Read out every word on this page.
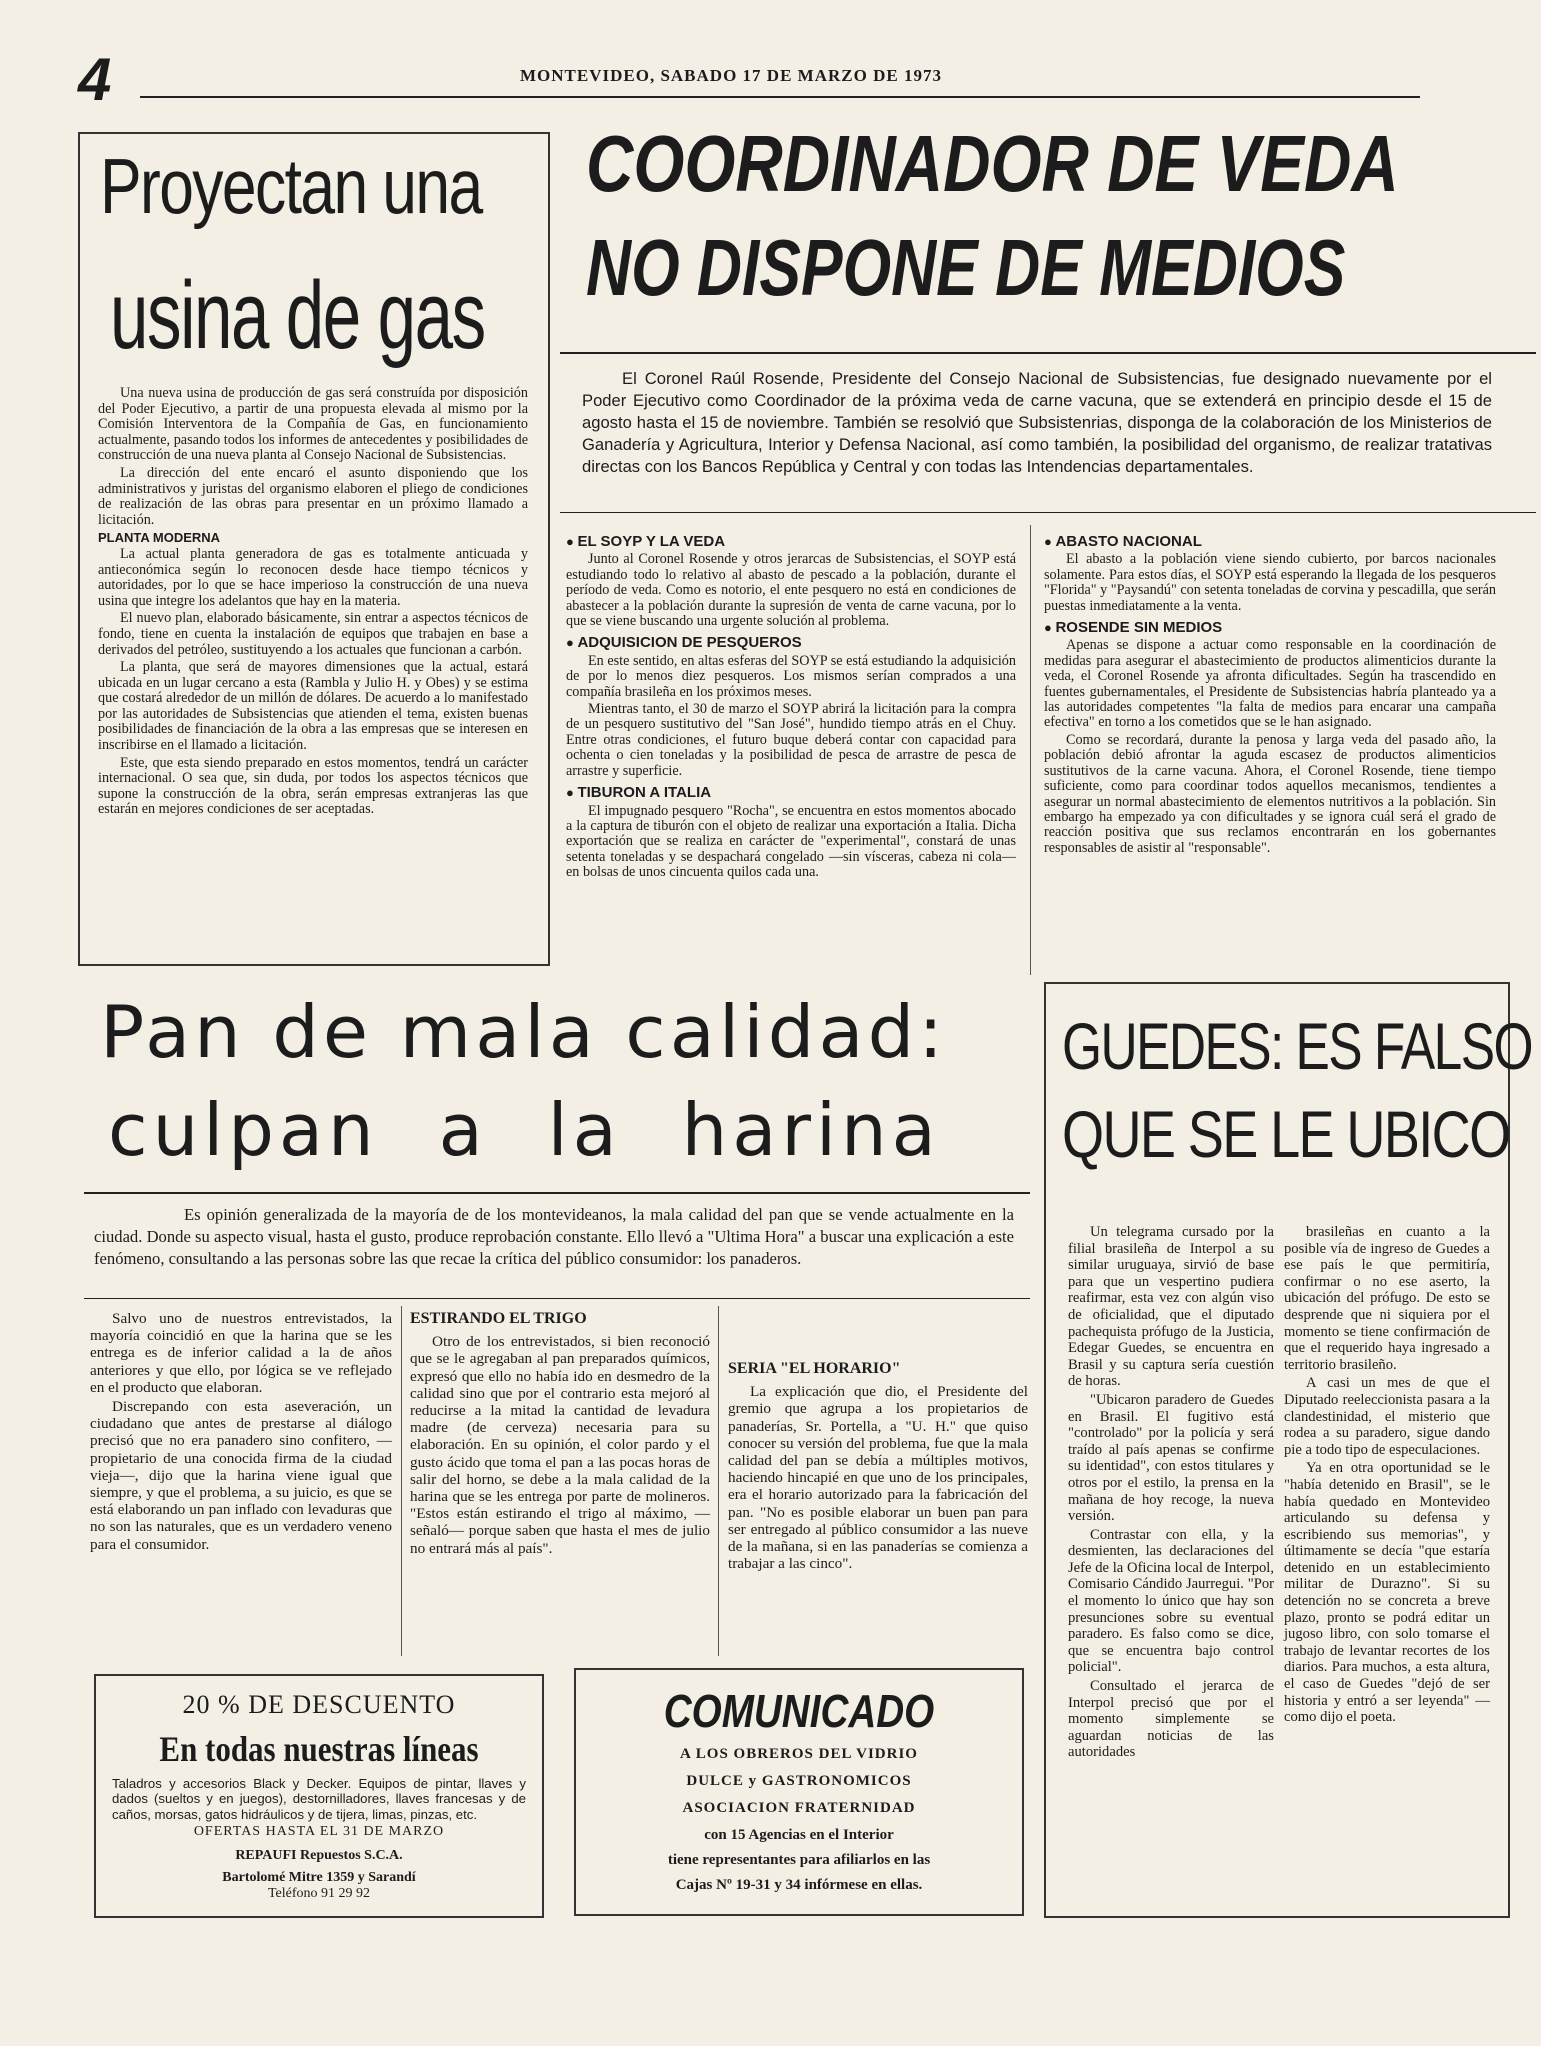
4	MONTEVIDEO, SABADO 17 DE MARZO DE 1973
Proyectan una
usina de gas

Una nueva usina de producción de gas será construída por disposición del Poder Ejecutivo, a partir de una propuesta elevada al mismo por la Comisión Interventora de la Compañía de Gas, en funcionamiento actualmente, pasando todos los informes de antecedentes y posibilidades de construcción de una nueva planta al Consejo Nacional de Subsistencias.

La dirección del ente encaró el asunto disponiendo que los administrativos y juristas del organismo elaboren el pliego de condiciones de realización de las obras para presentar en un próximo llamado a licitación.

PLANTA MODERNA

La actual planta generadora de gas es totalmente anticuada y antieconómica según lo reconocen desde hace tiempo técnicos y autoridades, por lo que se hace imperioso la construcción de una nueva usina que integre los adelantos que hay en la materia.

El nuevo plan, elaborado básicamente, sin entrar a aspectos técnicos de fondo, tiene en cuenta la instalación de equipos que trabajen en base a derivados del petróleo, sustituyendo a los actuales que funcionan a carbón.

La planta, que será de mayores dimensiones que la actual, estará ubicada en un lugar cercano a esta (Rambla y Julio H. y Obes) y se estima que costará alrededor de un millón de dólares. De acuerdo a lo manifestado por las autoridades de Subsistencias que atienden el tema, existen buenas posibilidades de financiación de la obra a las empresas que se interesen en inscribirse en el llamado a licitación.

Este, que esta siendo preparado en estos momentos, tendrá un carácter internacional. O sea que, sin duda, por todos los aspectos técnicos que supone la construcción de la obra, serán empresas extranjeras las que estarán en mejores condiciones de ser aceptadas.

COORDINADOR DE VEDA
NO DISPONE DE MEDIOS
El Coronel Raúl Rosende, Presidente del Consejo Nacional de Subsistencias, fue designado nuevamente por el Poder Ejecutivo como Coordinador de la próxima veda de carne vacuna, que se extenderá en principio desde el 15 de agosto hasta el 15 de noviembre. También se resolvió que Subsistenrias, disponga de la colaboración de los Ministerios de Ganadería y Agricultura, Interior y Defensa Nacional, así como también, la posibilidad del organismo, de realizar tratativas directas con los Bancos República y Central y con todas las Intendencias departamentales.
● EL SOYP Y LA VEDA

Junto al Coronel Rosende y otros jerarcas de Subsistencias, el SOYP está estudiando todo lo relativo al abasto de pescado a la población, durante el período de veda. Como es notorio, el ente pesquero no está en condiciones de abastecer a la población durante la supresión de venta de carne vacuna, por lo que se viene buscando una urgente solución al problema.

● ADQUISICION DE PESQUEROS

En este sentido, en altas esferas del SOYP se está estudiando la adquisición de por lo menos diez pesqueros. Los mismos serían comprados a una compañía brasileña en los próximos meses.

Mientras tanto, el 30 de marzo el SOYP abrirá la licitación para la compra de un pesquero sustitutivo del "San José", hundido tiempo atrás en el Chuy. Entre otras condiciones, el futuro buque deberá contar con capacidad para ochenta o cien toneladas y la posibilidad de pesca de arrastre de pesca de arrastre y superficie.

● TIBURON A ITALIA

El impugnado pesquero "Rocha", se encuentra en estos momentos abocado a la captura de tiburón con el objeto de realizar una exportación a Italia. Dicha exportación que se realiza en carácter de "experimental", constará de unas setenta toneladas y se despachará congelado —sin vísceras, cabeza ni cola— en bolsas de unos cincuenta quilos cada una.

● ABASTO NACIONAL

El abasto a la población viene siendo cubierto, por barcos nacionales solamente. Para estos días, el SOYP está esperando la llegada de los pesqueros "Florida" y "Paysandú" con setenta toneladas de corvina y pescadilla, que serán puestas inmediatamente a la venta.

● ROSENDE SIN MEDIOS

Apenas se dispone a actuar como responsable en la coordinación de medidas para asegurar el abastecimiento de productos alimenticios durante la veda, el Coronel Rosende ya afronta dificultades. Según ha trascendido en fuentes gubernamentales, el Presidente de Subsistencias habría planteado ya a las autoridades competentes "la falta de medios para encarar una campaña efectiva" en torno a los cometidos que se le han asignado.

Como se recordará, durante la penosa y larga veda del pasado año, la población debió afrontar la aguda escasez de productos alimenticios sustitutivos de la carne vacuna. Ahora, el Coronel Rosende, tiene tiempo suficiente, como para coordinar todos aquellos mecanismos, tendientes a asegurar un normal abastecimiento de elementos nutritivos a la población. Sin embargo ha empezado ya con dificultades y se ignora cuál será el grado de reacción positiva que sus reclamos encontrarán en los gobernantes responsables de asistir al "responsable".

Pan de mala calidad:
culpan a la harina
Es opinión generalizada de la mayoría de de los montevideanos, la mala calidad del pan que se vende actualmente en la ciudad. Donde su aspecto visual, hasta el gusto, produce reprobación constante. Ello llevó a "Ultima Hora" a buscar una explicación a este fenómeno, consultando a las personas sobre las que recae la crítica del público consumidor: los panaderos.

Salvo uno de nuestros entrevistados, la mayoría coincidió en que la harina que se les entrega es de inferior calidad a la de años anteriores y que ello, por lógica se ve reflejado en el producto que elaboran.

Discrepando con esta aseveración, un ciudadano que antes de prestarse al diálogo precisó que no era panadero sino confitero, —propietario de una conocida firma de la ciudad vieja—, dijo que la harina viene igual que siempre, y que el problema, a su juicio, es que se está elaborando un pan inflado con levaduras que no son las naturales, que es un verdadero veneno para el consumidor.

ESTIRANDO EL TRIGO

Otro de los entrevistados, si bien reconoció que se le agregaban al pan preparados químicos, expresó que ello no había ido en desmedro de la calidad sino que por el contrario esta mejoró al reducirse a la mitad la cantidad de levadura madre (de cerveza) necesaria para su elaboración. En su opinión, el color pardo y el gusto ácido que toma el pan a las pocas horas de salir del horno, se debe a la mala calidad de la harina que se les entrega por parte de molineros. "Estos están estirando el trigo al máximo, —señaló— porque saben que hasta el mes de julio no entrará más al país".

SERIA "EL HORARIO"

La explicación que dio, el Presidente del gremio que agrupa a los propietarios de panaderías, Sr. Portella, a "U. H." que quiso conocer su versión del problema, fue que la mala calidad del pan se debía a múltiples motivos, haciendo hincapié en que uno de los principales, era el horario autorizado para la fabricación del pan. "No es posible elaborar un buen pan para ser entregado al público consumidor a las nueve de la mañana, si en las panaderías se comienza a trabajar a las cinco".

GUEDES: ES FALSO
QUE SE LE UBICO

Un telegrama cursado por la filial brasileña de Interpol a su similar uruguaya, sirvió de base para que un vespertino pudiera reafirmar, esta vez con algún viso de oficialidad, que el diputado pachequista prófugo de la Justicia, Edegar Guedes, se encuentra en Brasil y su captura sería cuestión de horas.

"Ubicaron paradero de Guedes en Brasil. El fugitivo está "controlado" por la policía y será traído al país apenas se confirme su identidad", con estos titulares y otros por el estilo, la prensa en la mañana de hoy recoge, la nueva versión.

Contrastar con ella, y la desmienten, las declaraciones del Jefe de la Oficina local de Interpol, Comisario Cándido Jaurregui. "Por el momento lo único que hay son presunciones sobre su eventual paradero. Es falso como se dice, que se encuentra bajo control policial".

Consultado el jerarca de Interpol precisó que por el momento simplemente se aguardan noticias de las autoridades

brasileñas en cuanto a la posible vía de ingreso de Guedes a ese país le que permitiría, confirmar o no ese aserto, la ubicación del prófugo. De esto se desprende que ni siquiera por el momento se tiene confirmación de que el requerido haya ingresado a territorio brasileño.

A casi un mes de que el Diputado reeleccionista pasara a la clandestinidad, el misterio que rodea a su paradero, sigue dando pie a todo tipo de especulaciones.

Ya en otra oportunidad se le "había detenido en Brasil", se le había quedado en Montevideo articulando su defensa y escribiendo sus memorias", y últimamente se decía "que estaría detenido en un establecimiento militar de Durazno". Si su detención no se concreta a breve plazo, pronto se podrá editar un jugoso libro, con solo tomarse el trabajo de levantar recortes de los diarios. Para muchos, a esta altura, el caso de Guedes "dejó de ser historia y entró a ser leyenda" —como dijo el poeta.

20 % DE DESCUENTO

En todas nuestras líneas

Taladros y accesorios Black y Decker. Equipos de pintar, llaves y dados (sueltos y en juegos), destornilladores, llaves francesas y de caños, morsas, gatos hidráulicos y de tijera, limas, pinzas, etc.

OFERTAS HASTA EL 31 DE MARZO

REPAUFI Repuestos S.C.A.

Bartolomé Mitre 1359 y Sarandí

Teléfono 91 29 92

COMUNICADO

A LOS OBREROS DEL VIDRIO

DULCE y GASTRONOMICOS

ASOCIACION FRATERNIDAD

con 15 Agencias en el Interior

tiene representantes para afiliarlos en las

Cajas Nº 19-31 y 34 infórmese en ellas.
